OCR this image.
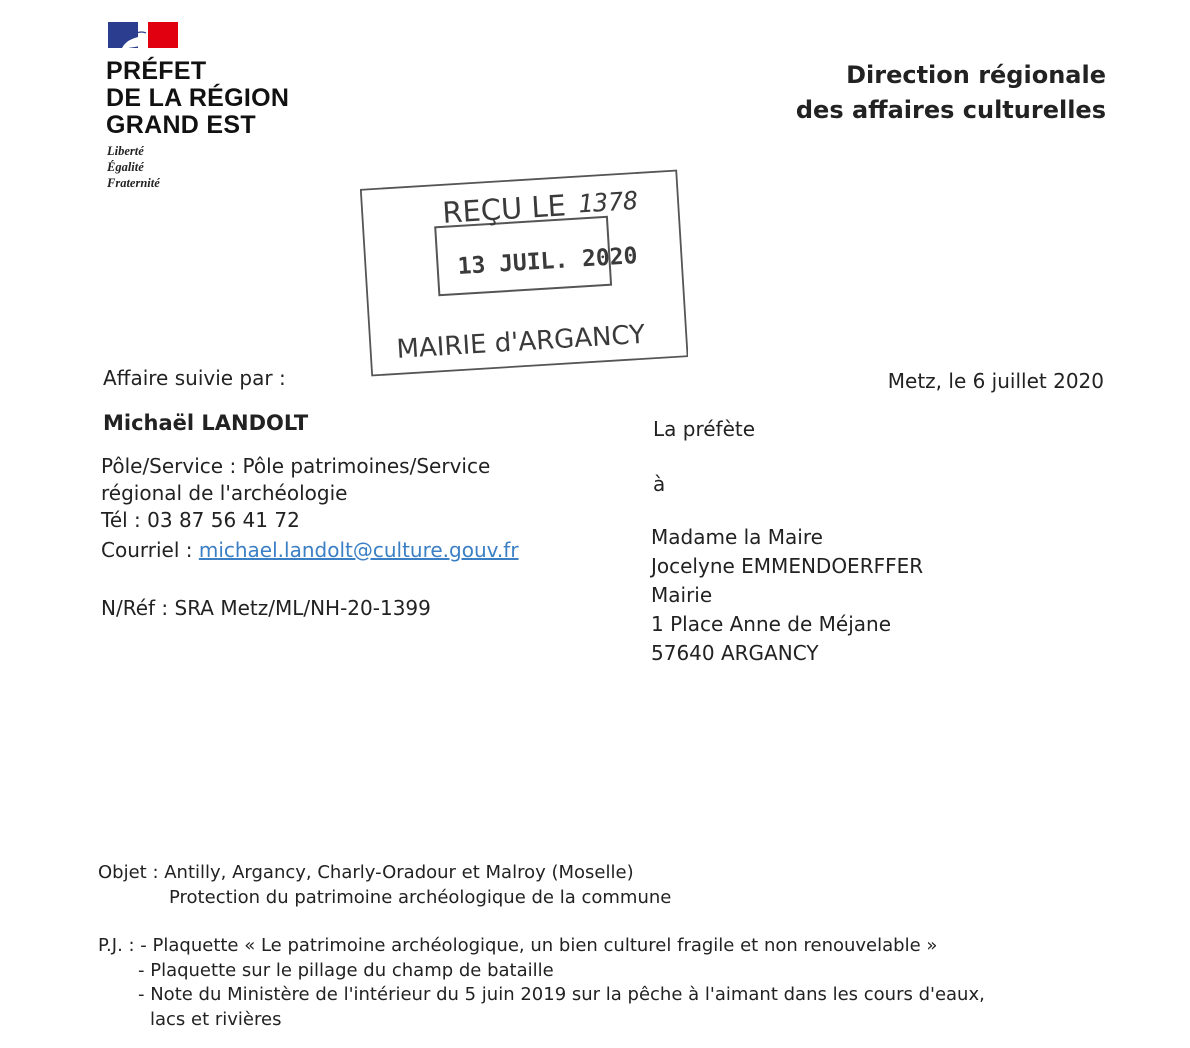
PRÉFET
DE LA RÉGION
GRAND EST
Liberté
Égalité
Fraternité
Direction régionale
des affaires culturelles
REÇU LE 1378
13 JUIL. 2020
MAIRIE d'ARGANCY
Affaire suivie par :
Michaël LANDOLT
Pôle/Service : Pôle patrimoines/Service régional de l'archéologie
Tél : 03 87 56 41 72
Courriel : michael.landolt@culture.gouv.fr
N/Réf : SRA Metz/ML/NH-20-1399
Metz, le 6 juillet 2020
La préfète
à
Madame la Maire
Jocelyne EMMENDOERFFER
Mairie
1 Place Anne de Méjane
57640 ARGANCY
Objet : Antilly, Argancy, Charly-Oradour et Malroy (Moselle)
Protection du patrimoine archéologique de la commune
P.J. : - Plaquette « Le patrimoine archéologique, un bien culturel fragile et non renouvelable »
- Plaquette sur le pillage du champ de bataille
- Note du Ministère de l'intérieur du 5 juin 2019 sur la pêche à l'aimant dans les cours d'eaux,
lacs et rivières
